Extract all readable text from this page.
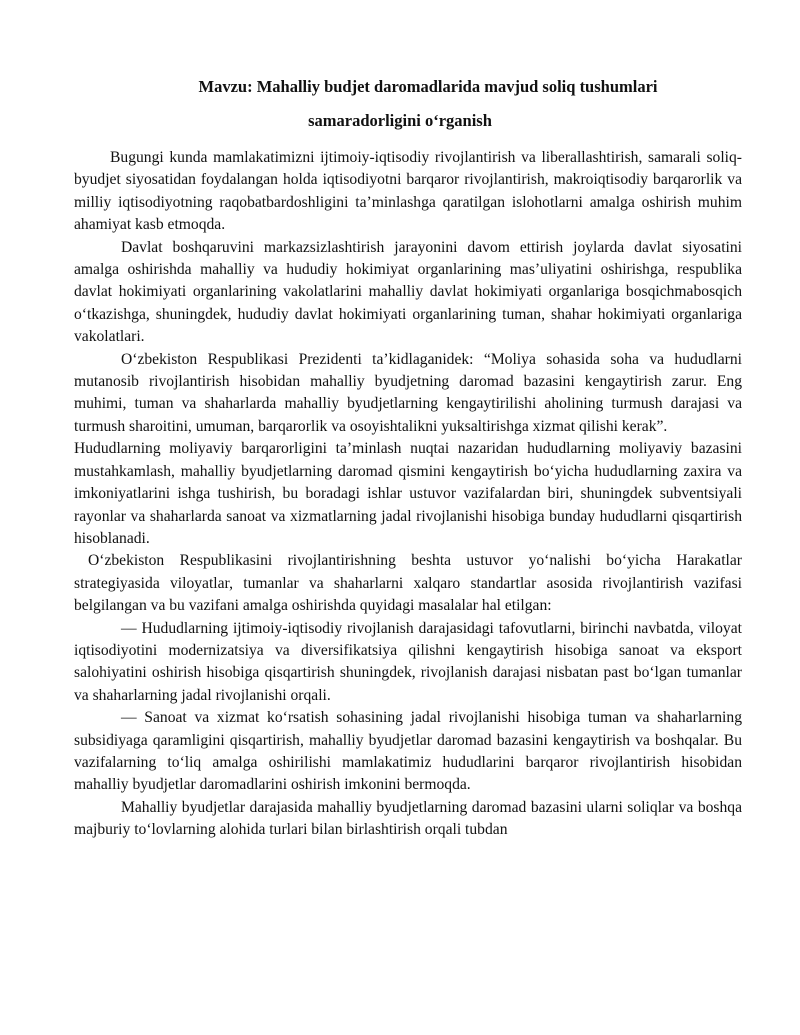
Mavzu: Mahalliy budjet daromadlarida mavjud soliq tushumlari

samaradorligini o‘rganish

Bugungi kunda mamlakatimizni ijtimoiy-iqtisodiy rivojlantirish va liberallashtirish, samarali soliq-byudjet siyosatidan foydalangan holda iqtisodiyotni barqaror rivojlantirish, makroiqtisodiy barqarorlik va milliy iqtisodiyotning raqobatbardoshligini ta’minlashga qaratilgan islohotlarni amalga oshirish muhim ahamiyat kasb etmoqda.

Davlat boshqaruvini markazsizlashtirish jarayonini davom ettirish joylarda davlat siyosatini amalga oshirishda mahalliy va hududiy hokimiyat organlarining mas’uliyatini oshirishga, respublika davlat hokimiyati organlarining vakolatlarini mahalliy davlat hokimiyati organlariga bosqichmabosqich o‘tkazishga, shuningdek, hududiy davlat hokimiyati organlarining tuman, shahar hokimiyati organlariga vakolatlari.

O‘zbekiston Respublikasi Prezidenti ta’kidlaganidek: “Moliya sohasida soha va hududlarni mutanosib rivojlantirish hisobidan mahalliy byudjetning daromad bazasini kengaytirish zarur. Eng muhimi, tuman va shaharlarda mahalliy byudjetlarning kengaytirilishi aholining turmush darajasi va turmush sharoitini, umuman, barqarorlik va osoyishtalikni yuksaltirishga xizmat qilishi kerak”.

Hududlarning moliyaviy barqarorligini ta’minlash nuqtai nazaridan hududlarning moliyaviy bazasini mustahkamlash, mahalliy byudjetlarning daromad qismini kengaytirish bo‘yicha hududlarning zaxira va imkoniyatlarini ishga tushirish, bu boradagi ishlar ustuvor vazifalardan biri, shuningdek subventsiyali rayonlar va shaharlarda sanoat va xizmatlarning jadal rivojlanishi hisobiga bunday hududlarni qisqartirish hisoblanadi.

O‘zbekiston Respublikasini rivojlantirishning beshta ustuvor yo‘nalishi bo‘yicha Harakatlar strategiyasida viloyatlar, tumanlar va shaharlarni xalqaro standartlar asosida rivojlantirish vazifasi belgilangan va bu vazifani amalga oshirishda quyidagi masalalar hal etilgan:

— Hududlarning ijtimoiy-iqtisodiy rivojlanish darajasidagi tafovutlarni, birinchi navbatda, viloyat iqtisodiyotini modernizatsiya va diversifikatsiya qilishni kengaytirish hisobiga sanoat va eksport salohiyatini oshirish hisobiga qisqartirish shuningdek, rivojlanish darajasi nisbatan past bo‘lgan tumanlar va shaharlarning jadal rivojlanishi orqali.

— Sanoat va xizmat ko‘rsatish sohasining jadal rivojlanishi hisobiga tuman va shaharlarning subsidiyaga qaramligini qisqartirish, mahalliy byudjetlar daromad bazasini kengaytirish va boshqalar. Bu vazifalarning to‘liq amalga oshirilishi mamlakatimiz hududlarini barqaror rivojlantirish hisobidan mahalliy byudjetlar daromadlarini oshirish imkonini bermoqda.

Mahalliy byudjetlar darajasida mahalliy byudjetlarning daromad bazasini ularni soliqlar va boshqa majburiy to‘lovlarning alohida turlari bilan birlashtirish orqali tubdan
